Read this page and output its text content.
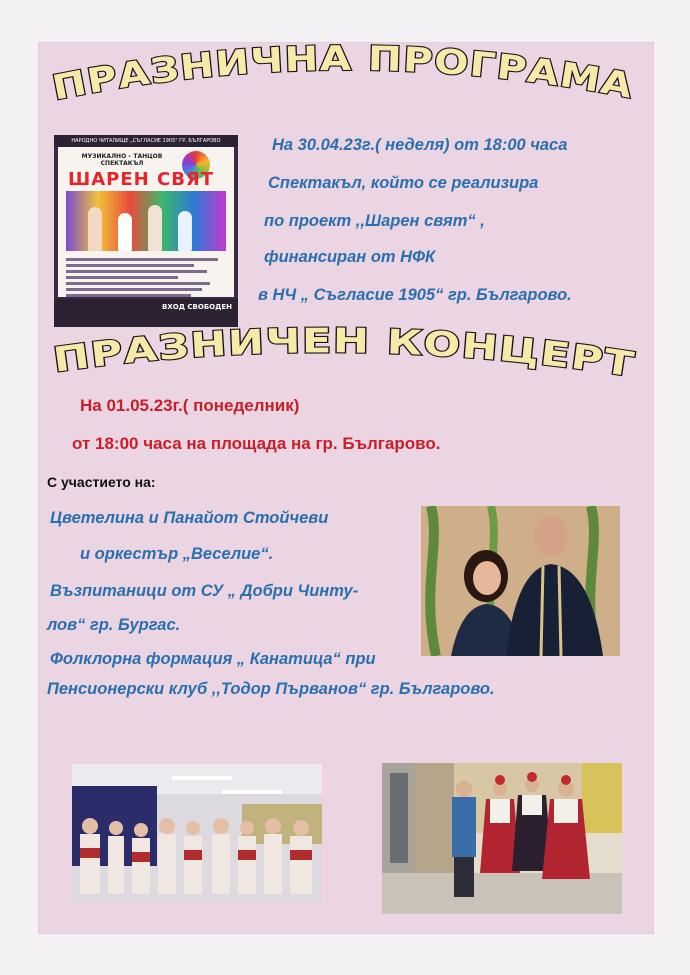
ПРАЗНИЧНА ПРОГРАМА
ПРАЗНИЧЕН КОНЦЕРТ
НАРОДНО ЧИТАЛИЩЕ „СЪГЛАСИЕ 1905" ГР. БЪЛГАРОВО
МУЗИКАЛНО – ТАНЦОВ СПЕКТАКЪЛ
ШАРЕН СВЯТ
ВХОД СВОБОДЕН
На 30.04.23г.( неделя) от 18:00 часа
Спектакъл, който се реализира
по проект ,,Шарен свят“ ,
финансиран от НФК
в НЧ „ Съгласие 1905“ гр. Българово.
На 01.05.23г.( понеделник)
от 18:00 часа на площада на гр. Българово.
С участието на:
Цветелина и Панайот Стойчеви
и оркестър „Веселие“.
Възпитаници от СУ „ Добри Чинту-
лов“ гр. Бургас.
Фолклорна формация „ Канатица“ при
Пенсионерски клуб ,,Тодор Първанов“ гр. Българово.
